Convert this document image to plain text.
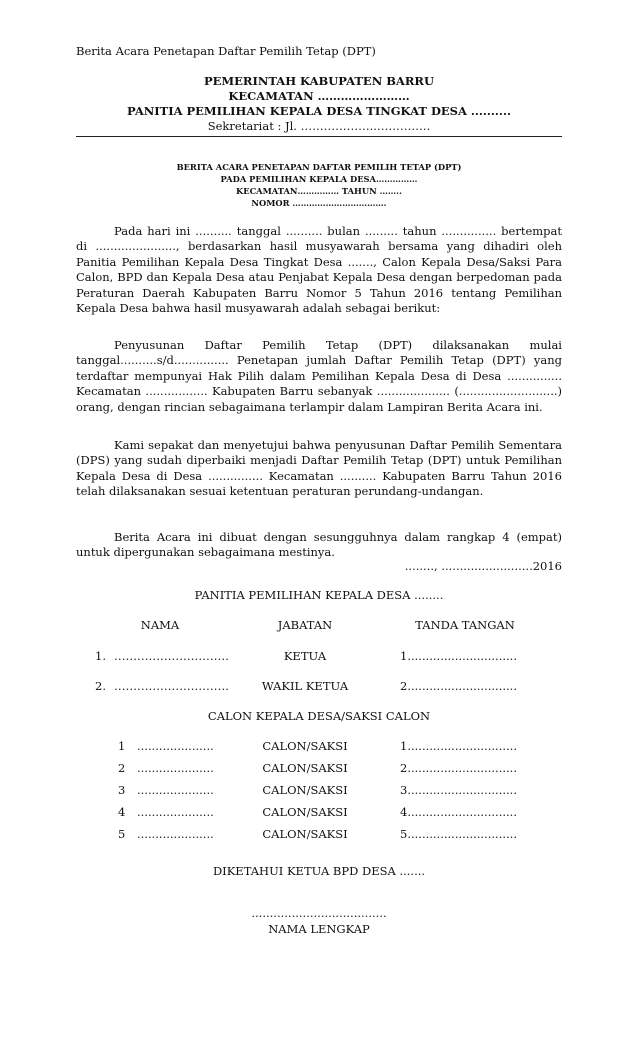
Berita Acara Penetapan Daftar Pemilih Tetap (DPT)
PEMERINTAH KABUPATEN BARRU
KECAMATAN ……………………
PANITIA PEMILIHAN KEPALA DESA TINGKAT DESA ..........
Sekretariat : Jl. ………………..…………..
BERITA ACARA PENETAPAN DAFTAR PEMILIH TETAP (DPT)
PADA PEMILIHAN KEPALA DESA……………
KECAMATAN…………… TAHUN ……..
NOMOR …………………………….
Pada hari ini .......... tanggal .......... bulan ......... tahun ............... bertempat di ......................, berdasarkan hasil musyawarah bersama yang dihadiri oleh Panitia Pemilihan Kepala Desa Tingkat Desa ......., Calon Kepala Desa/Saksi Para Calon, BPD dan Kepala Desa atau Penjabat Kepala Desa dengan berpedoman pada Peraturan Daerah Kabupaten Barru Nomor 5 Tahun 2016 tentang Pemilihan Kepala Desa bahwa hasil musyawarah adalah sebagai berikut:
Penyusunan Daftar Pemilih Tetap (DPT) dilaksanakan mulai tanggal..........s/d............... Penetapan jumlah Daftar Pemilih Tetap (DPT) yang terdaftar mempunyai Hak Pilih dalam Pemilihan Kepala Desa di Desa ............... Kecamatan ................. Kabupaten Barru sebanyak .................... (...........................) orang, dengan rincian sebagaimana terlampir dalam Lampiran Berita Acara ini.
Kami sepakat dan menyetujui bahwa penyusunan Daftar Pemilih Sementara (DPS) yang sudah diperbaiki menjadi Daftar Pemilih Tetap (DPT) untuk Pemilihan Kepala Desa di Desa ............... Kecamatan .......... Kabupaten Barru Tahun 2016 telah dilaksanakan sesuai ketentuan peraturan perundang-undangan.
Berita Acara ini dibuat dengan sesungguhnya dalam rangkap 4 (empat) untuk dipergunakan sebagaimana mestinya.
........, .........................2016
PANITIA PEMILIHAN KEPALA DESA ........
NAMA	JABATAN	TANDA TANGAN
1. …………………………	KETUA	1..............................
2. …………………………	WAKIL KETUA	2..............................
CALON KEPALA DESA/SAKSI CALON
1 .....................	CALON/SAKSI	1..............................
2 .....................	CALON/SAKSI	2..............................
3 .....................	CALON/SAKSI	3..............................
4 .....................	CALON/SAKSI	4..............................
5 .....................	CALON/SAKSI	5..............................
DIKETAHUI KETUA BPD DESA .......
.....................................
NAMA LENGKAP
